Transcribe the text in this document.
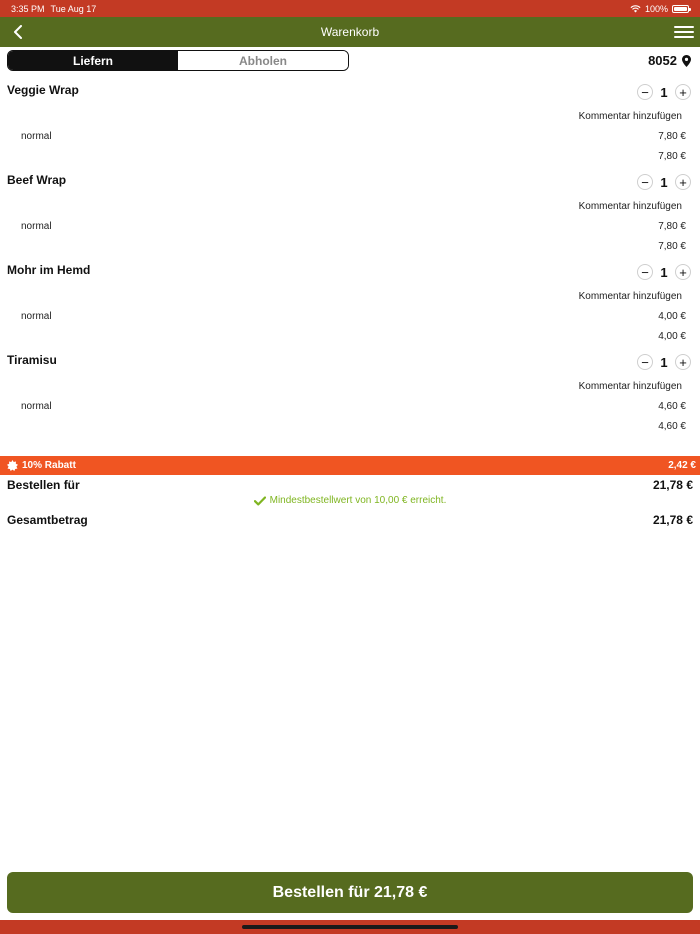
3:35 PM Tue Aug 17	100%
Warenkorb
Liefern	Abholen	8052
Veggie Wrap	− 1 +
Kommentar hinzufügen
normal	7,80 €
7,80 €
Beef Wrap	− 1 +
Kommentar hinzufügen
normal	7,80 €
7,80 €
Mohr im Hemd	− 1 +
Kommentar hinzufügen
normal	4,00 €
4,00 €
Tiramisu	− 1 +
Kommentar hinzufügen
normal	4,60 €
4,60 €
10% Rabatt	2,42 €
Bestellen für	21,78 €
Mindestbestellwert von 10,00 € erreicht.
Gesamtbetrag	21,78 €
Bestellen für 21,78 €
